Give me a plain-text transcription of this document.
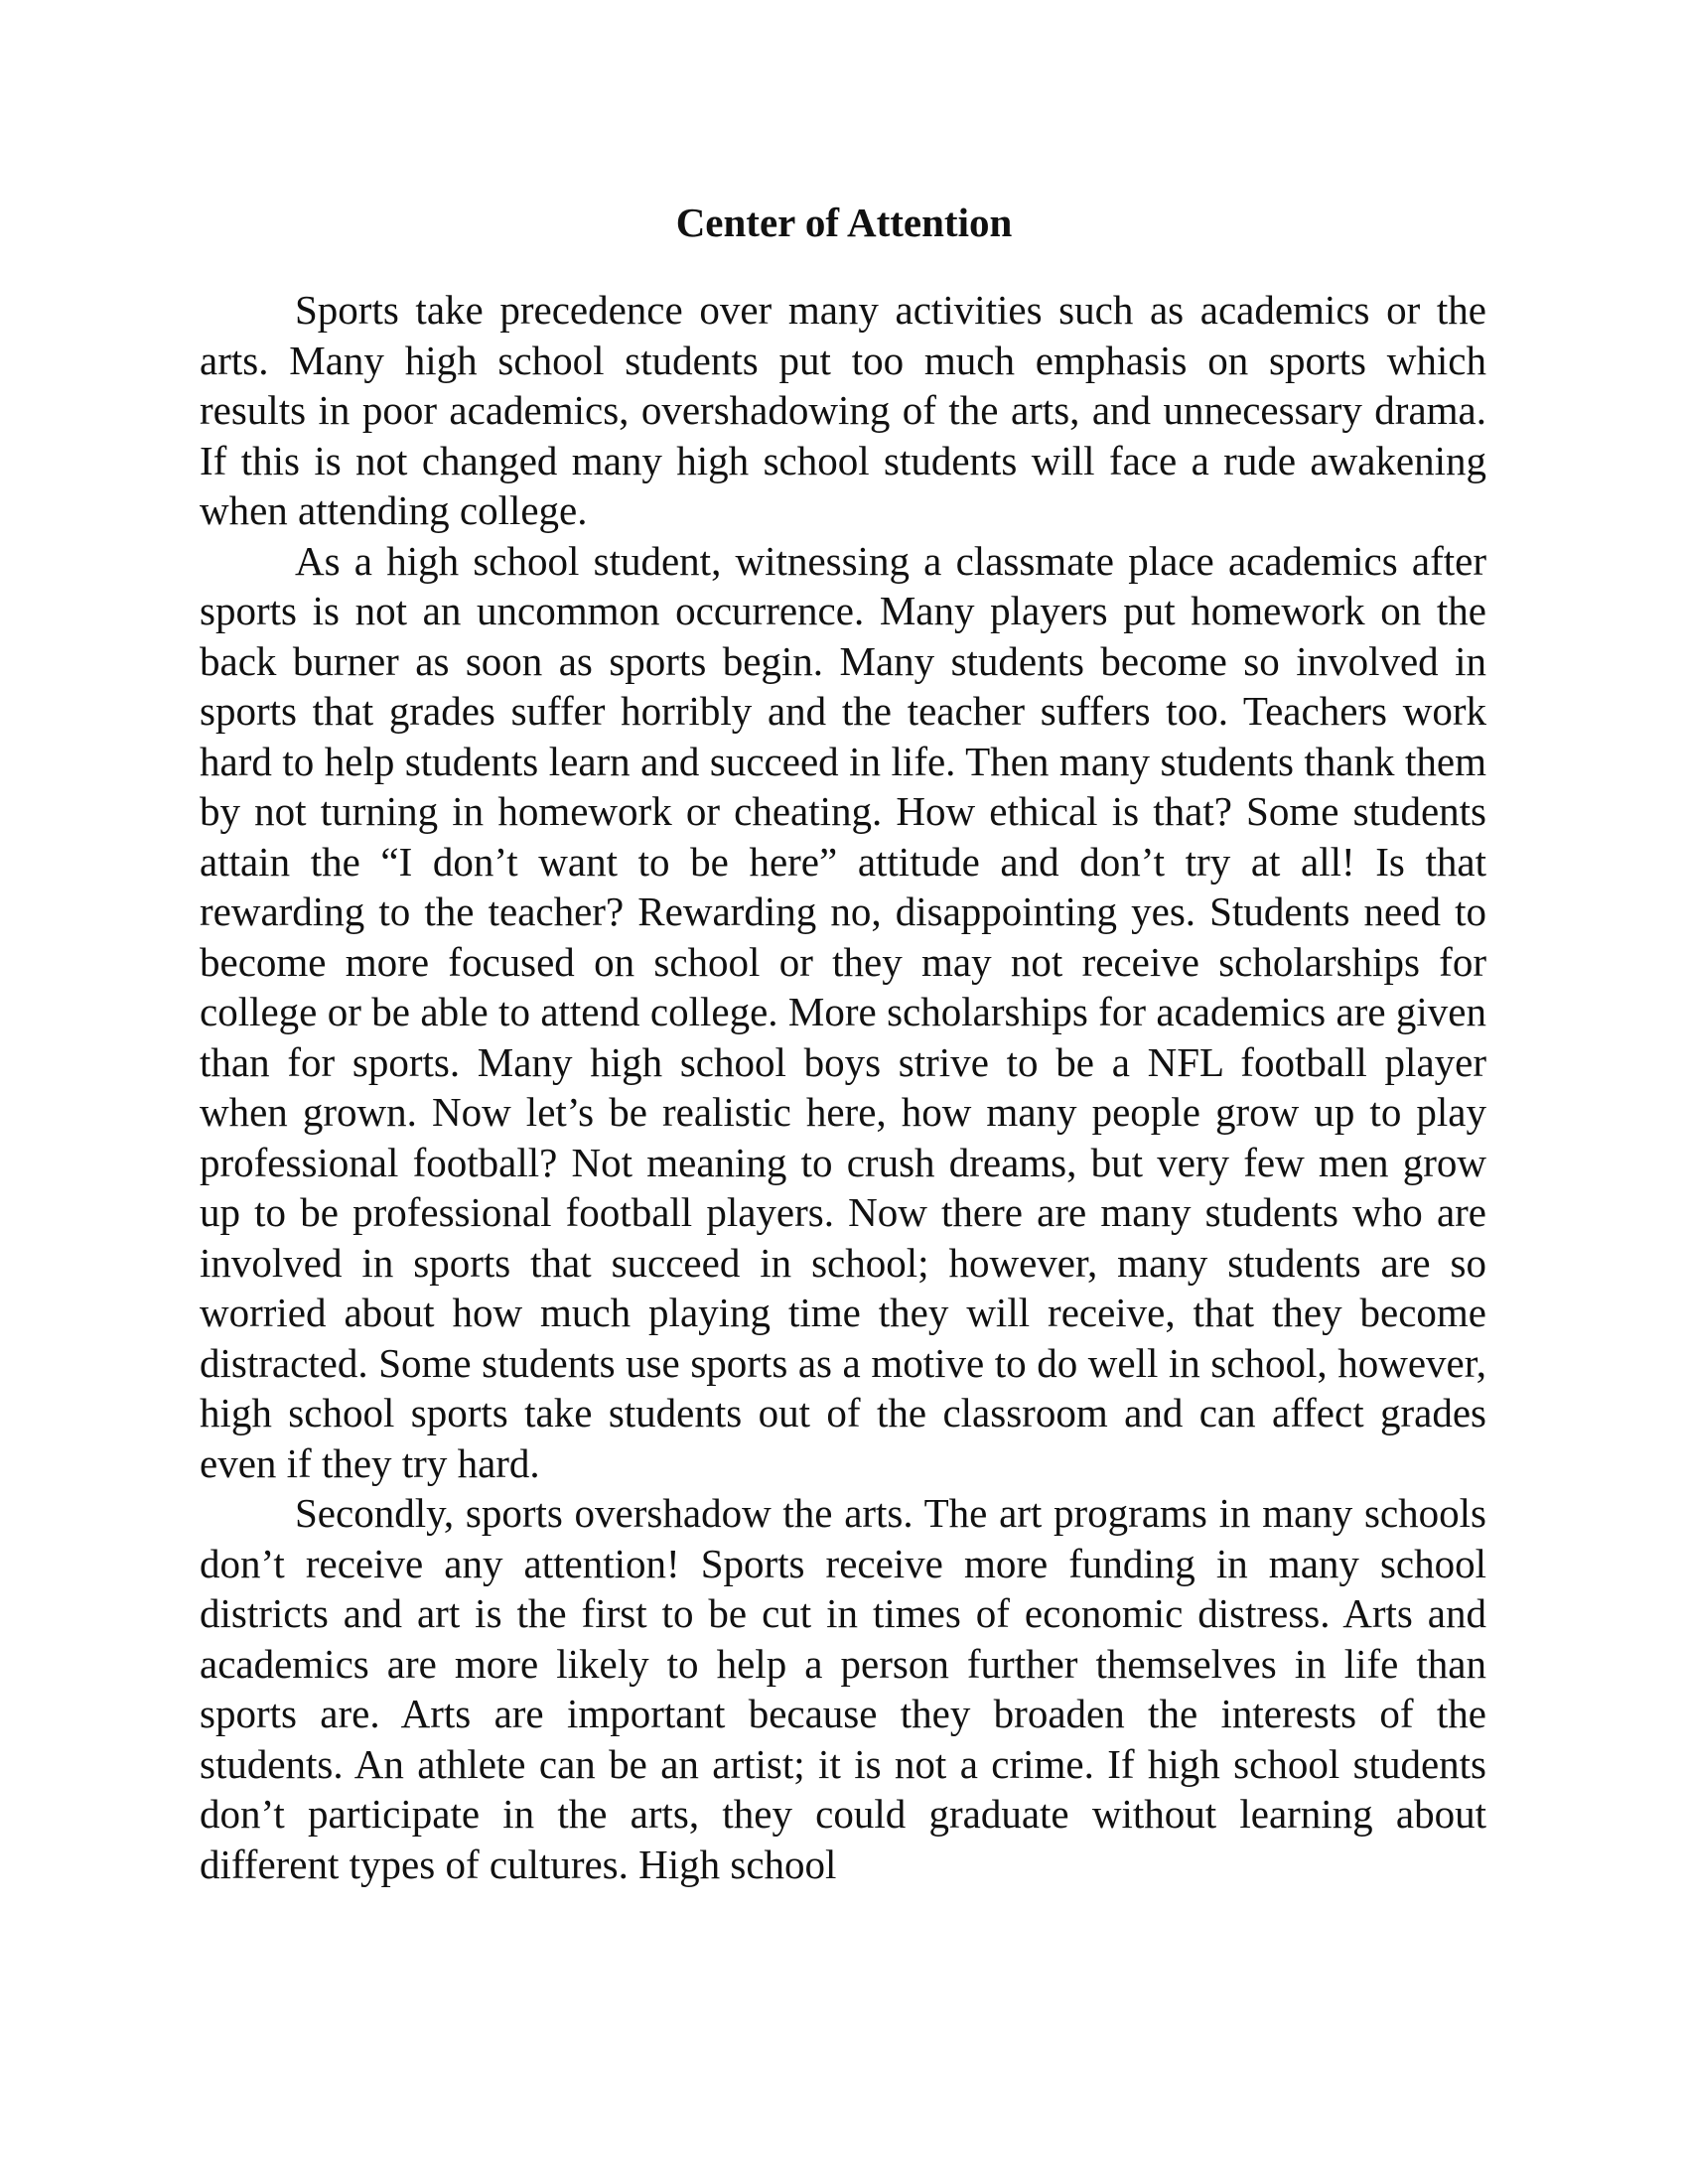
Center of Attention

Sports take precedence over many activities such as academics or the arts. Many high school students put too much emphasis on sports which results in poor academics, overshadowing of the arts, and unnecessary drama. If this is not changed many high school students will face a rude awakening when attending college.

As a high school student, witnessing a classmate place academics after sports is not an uncommon occurrence. Many players put homework on the back burner as soon as sports begin. Many students become so involved in sports that grades suffer horribly and the teacher suffers too. Teachers work hard to help students learn and succeed in life. Then many students thank them by not turning in homework or cheating. How ethical is that? Some students attain the “I don’t want to be here” attitude and don’t try at all! Is that rewarding to the teacher? Rewarding no, disappointing yes. Students need to become more focused on school or they may not receive scholarships for college or be able to attend college. More scholarships for academics are given than for sports. Many high school boys strive to be a NFL football player when grown. Now let’s be realistic here, how many people grow up to play professional football? Not meaning to crush dreams, but very few men grow up to be professional football players. Now there are many students who are involved in sports that succeed in school; however, many students are so worried about how much playing time they will receive, that they become distracted. Some students use sports as a motive to do well in school, however, high school sports take students out of the classroom and can affect grades even if they try hard.

Secondly, sports overshadow the arts. The art programs in many schools don’t receive any attention! Sports receive more funding in many school districts and art is the first to be cut in times of economic distress. Arts and academics are more likely to help a person further themselves in life than sports are. Arts are important because they broaden the interests of the students. An athlete can be an artist; it is not a crime. If high school students don’t participate in the arts, they could graduate without learning about different types of cultures. High school
